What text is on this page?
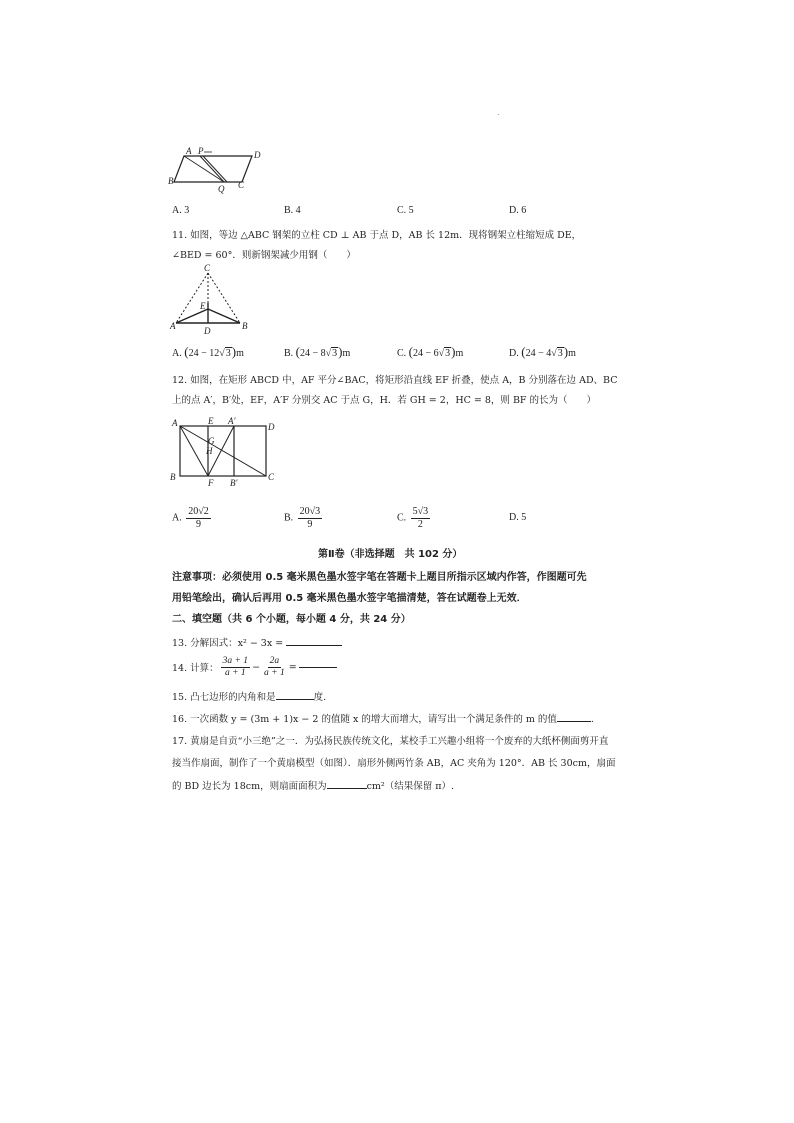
.
A P	D
B
Q C
A. 3	B. 4	C. 5	D. 6
11. 如图，等边 △ABC 钢架的立柱 CD ⊥ AB 于点 D，AB 长 12m．现将钢架立柱缩短成 DE，
∠BED = 60°．则新钢架减少用钢（　　）
C
E
A	D	B
A. (24 − 12√3)m	B. (24 − 8√3)m	C. (24 − 6√3)m	D. (24 − 4√3)m
12. 如图，在矩形 ABCD 中，AF 平分∠BAC，将矩形沿直线 EF 折叠，使点 A，B 分别落在边 AD、BC
上的点 A′，B′处，EF，A′F 分别交 AC 于点 G，H．若 GH = 2，HC = 8，则 BF 的长为（　　）
A	E A′
D
G
H
B
F B′
C
A. $\frac{20√2}{9}$	B. $\frac{20√3}{9}$	C. $\frac{5√3}{2}$	D. 5
第Ⅱ卷（非选择题　共 102 分）
注意事项：必须使用 0.5 毫米黑色墨水签字笔在答题卡上题目所指示区域内作答，作图题可先
用铅笔绘出，确认后再用 0.5 毫米黑色墨水签字笔描清楚，答在试题卷上无效．
二、填空题（共 6 个小题，每小题 4 分，共 24 分）
13. 分解因式：x² − 3x =
14. 计算： $\frac{3a + 1}{a + 1} - \frac{2a}{a + 1}$ =
15. 凸七边形的内角和是	度.
16. 一次函数 y = (3m + 1)x − 2 的值随 x 的增大而增大，请写出一个满足条件的 m 的值	.
17. 黄扇是自贡“小三绝”之一．为弘扬民族传统文化，某校手工兴趣小组将一个废弃的大纸杯侧面剪开直
接当作扇面，制作了一个黄扇模型（如图）．扇形外侧两竹条 AB，AC 夹角为 120°．AB 长 30cm，扇面
的 BD 边长为 18cm，则扇面面积为	cm²（结果保留 π）.
